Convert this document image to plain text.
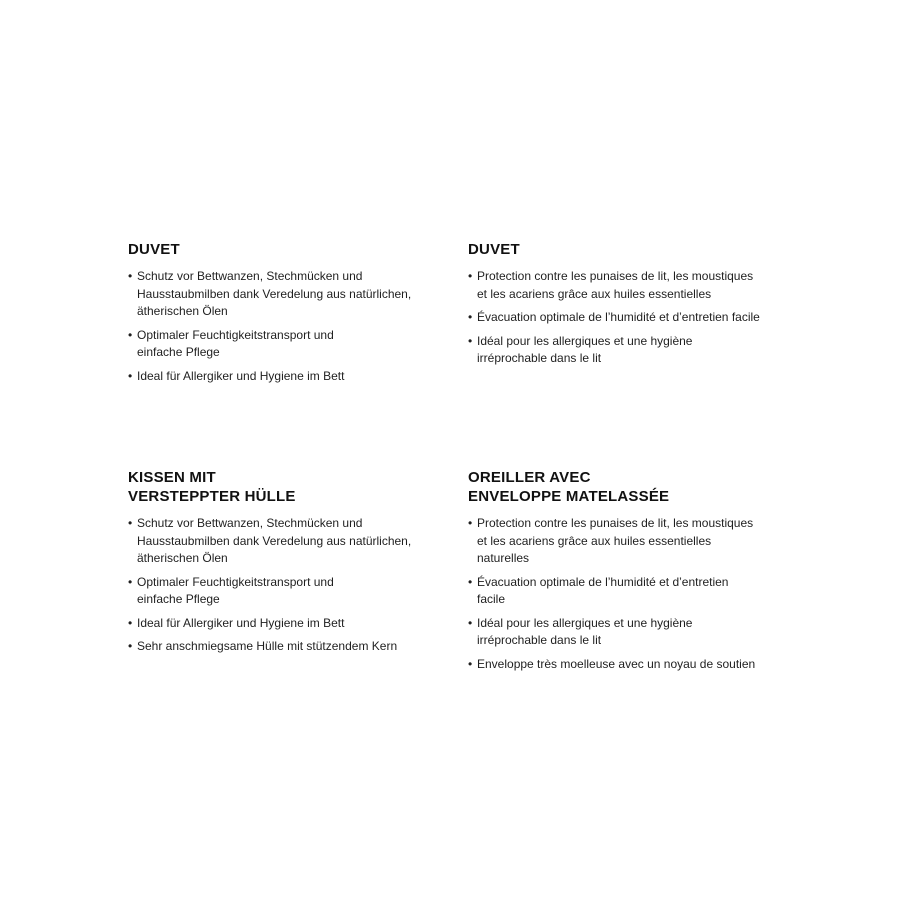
DUVET
• Schutz vor Bettwanzen, Stechmücken und
Hausstaubmilben dank Veredelung aus natürlichen,
ätherischen Ölen
• Optimaler Feuchtigkeitstransport und
einfache Pflege
• Ideal für Allergiker und Hygiene im Bett
DUVET
• Protection contre les punaises de lit, les moustiques
et les acariens grâce aux huiles essentielles
• Évacuation optimale de l’humidité et d’entretien facile
• Idéal pour les allergiques et une hygiène
irréprochable dans le lit
KISSEN MIT
VERSTEPPTER HÜLLE
• Schutz vor Bettwanzen, Stechmücken und
Hausstaubmilben dank Veredelung aus natürlichen,
ätherischen Ölen
• Optimaler Feuchtigkeitstransport und
einfache Pflege
• Ideal für Allergiker und Hygiene im Bett
• Sehr anschmiegsame Hülle mit stützendem Kern
OREILLER AVEC
ENVELOPPE MATELASSÉE
• Protection contre les punaises de lit, les moustiques
et les acariens grâce aux huiles essentielles
naturelles
• Évacuation optimale de l’humidité et d’entretien
facile
• Idéal pour les allergiques et une hygiène
irréprochable dans le lit
• Enveloppe très moelleuse avec un noyau de soutien
